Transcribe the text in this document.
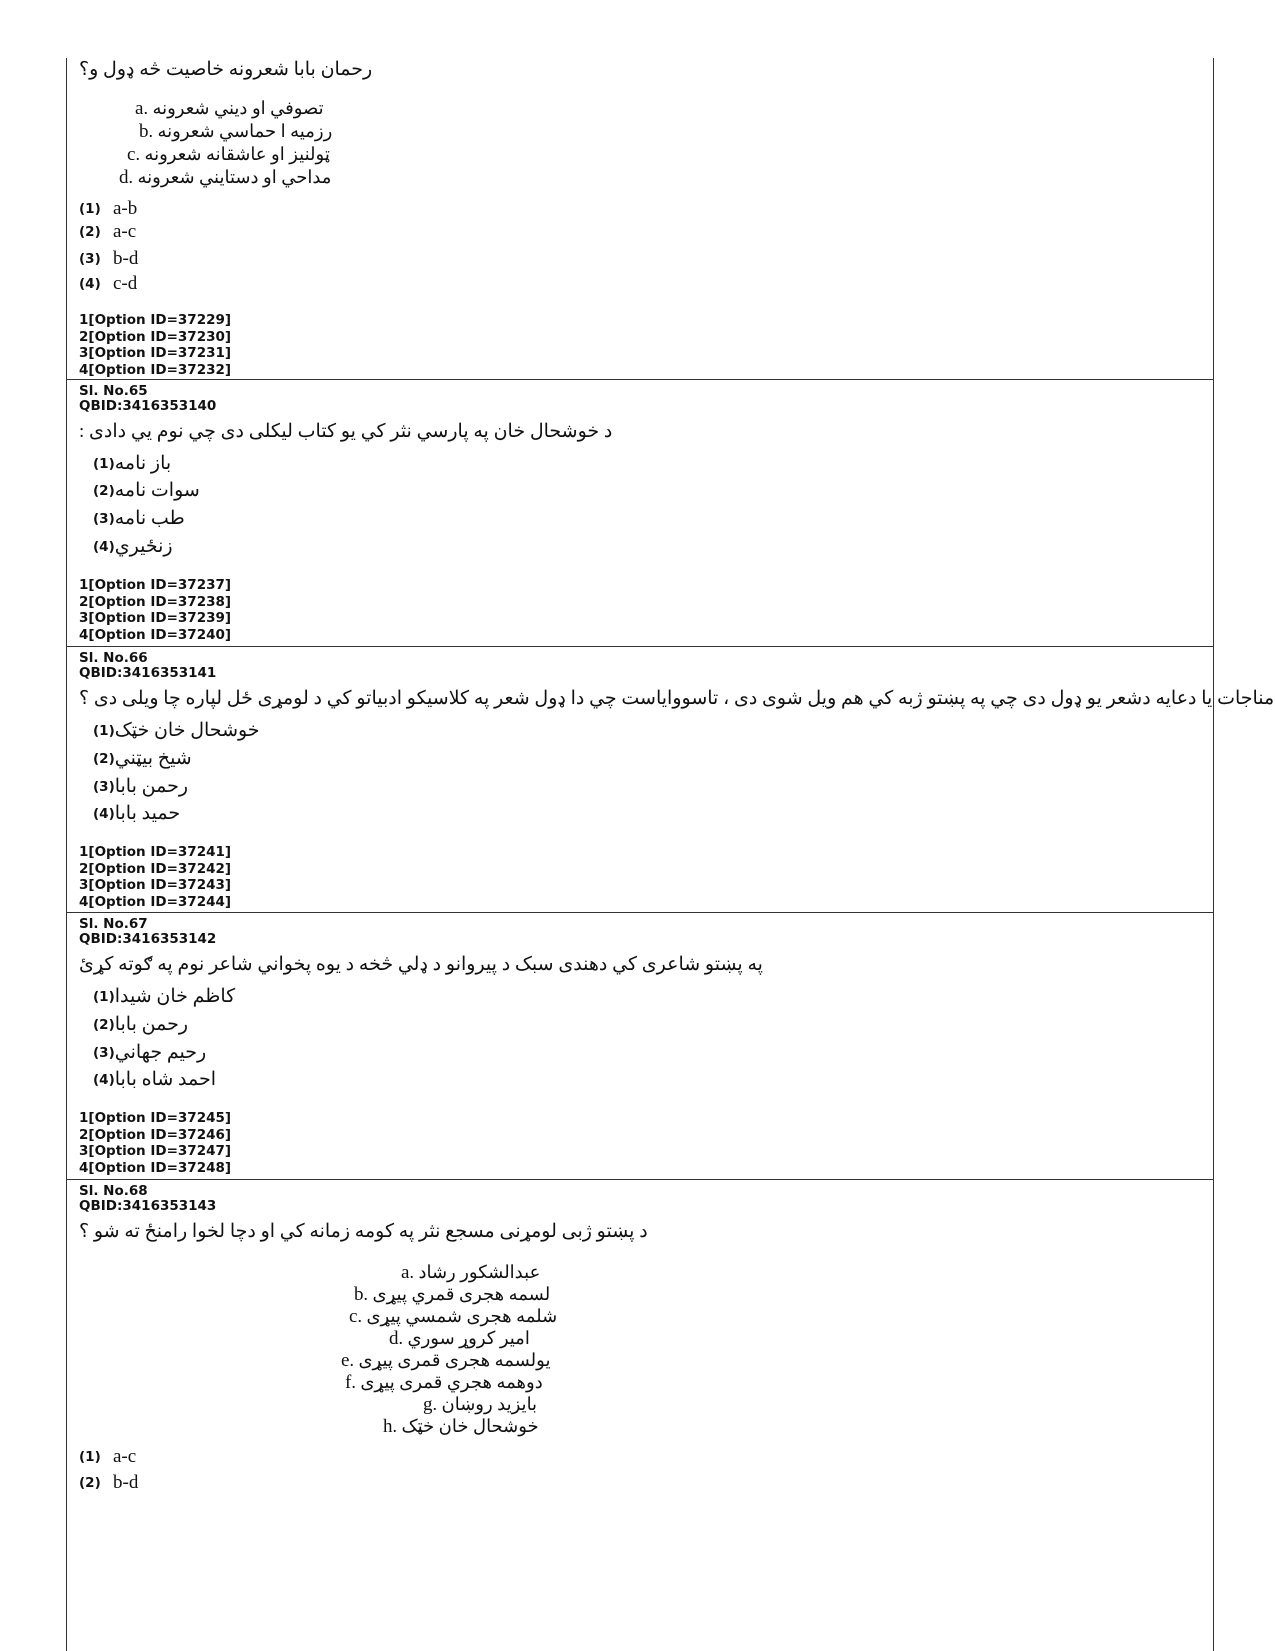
رحمان بابا شعرونه خاصيت څه ډول و؟
a. تصوفي او ديني شعرونه
b. رزميه ا حماسي شعرونه
c. ټولنيز او عاشقانه شعرونه
d. مداحي او دستايني شعرونه
(1) a-b
(2) a-c
(3) b-d
(4) c-d
1[Option ID=37229]
2[Option ID=37230]
3[Option ID=37231]
4[Option ID=37232]
Sl. No.65
QBID:3416353140
د خوشحال خان په پارسي نثر کي يو کتاب ليکلی دی چي نوم يي دادی :
(1) باز نامه
(2) سوات نامه
(3) طب نامه
(4) زنځيري
1[Option ID=37237]
2[Option ID=37238]
3[Option ID=37239]
4[Option ID=37240]
Sl. No.66
QBID:3416353141
مناجات يا دعايه دشعر يو ډول دی چي په پښتو ژبه کي هم ويل شوی دی ، تاسوواياست چي دا ډول شعر په کلاسيکو ادبياتو کي د لومړی ځل لپاره چا ويلی دی ؟
(1) خوشحال خان خټک
(2) شيخ بيټني
(3) رحمن بابا
(4) حميد بابا
1[Option ID=37241]
2[Option ID=37242]
3[Option ID=37243]
4[Option ID=37244]
Sl. No.67
QBID:3416353142
په پښتو شاعری کي دهندی سبک د پيروانو د ډلي څخه د يوه پخواني شاعر نوم په ګوته کړئ
(1) کاظم خان شيدا
(2) رحمن بابا
(3) رحيم جهاني
(4) احمد شاه بابا
1[Option ID=37245]
2[Option ID=37246]
3[Option ID=37247]
4[Option ID=37248]
Sl. No.68
QBID:3416353143
د پښتو ژبی لومړنی مسجع نثر په کومه زمانه کي او دچا لخوا رامنځ ته شو ؟
a. عبدالشکور رشاد
b. لسمه هجری قمري پيړی
c. شلمه هجری شمسي پيړی
d. امير کروړ سوري
e. يولسمه هجری قمری پيړی
f. دوهمه هجري قمری پيړی
g. بايزيد روښان
h. خوشحال خان خټک
(1) a-c
(2) b-d
